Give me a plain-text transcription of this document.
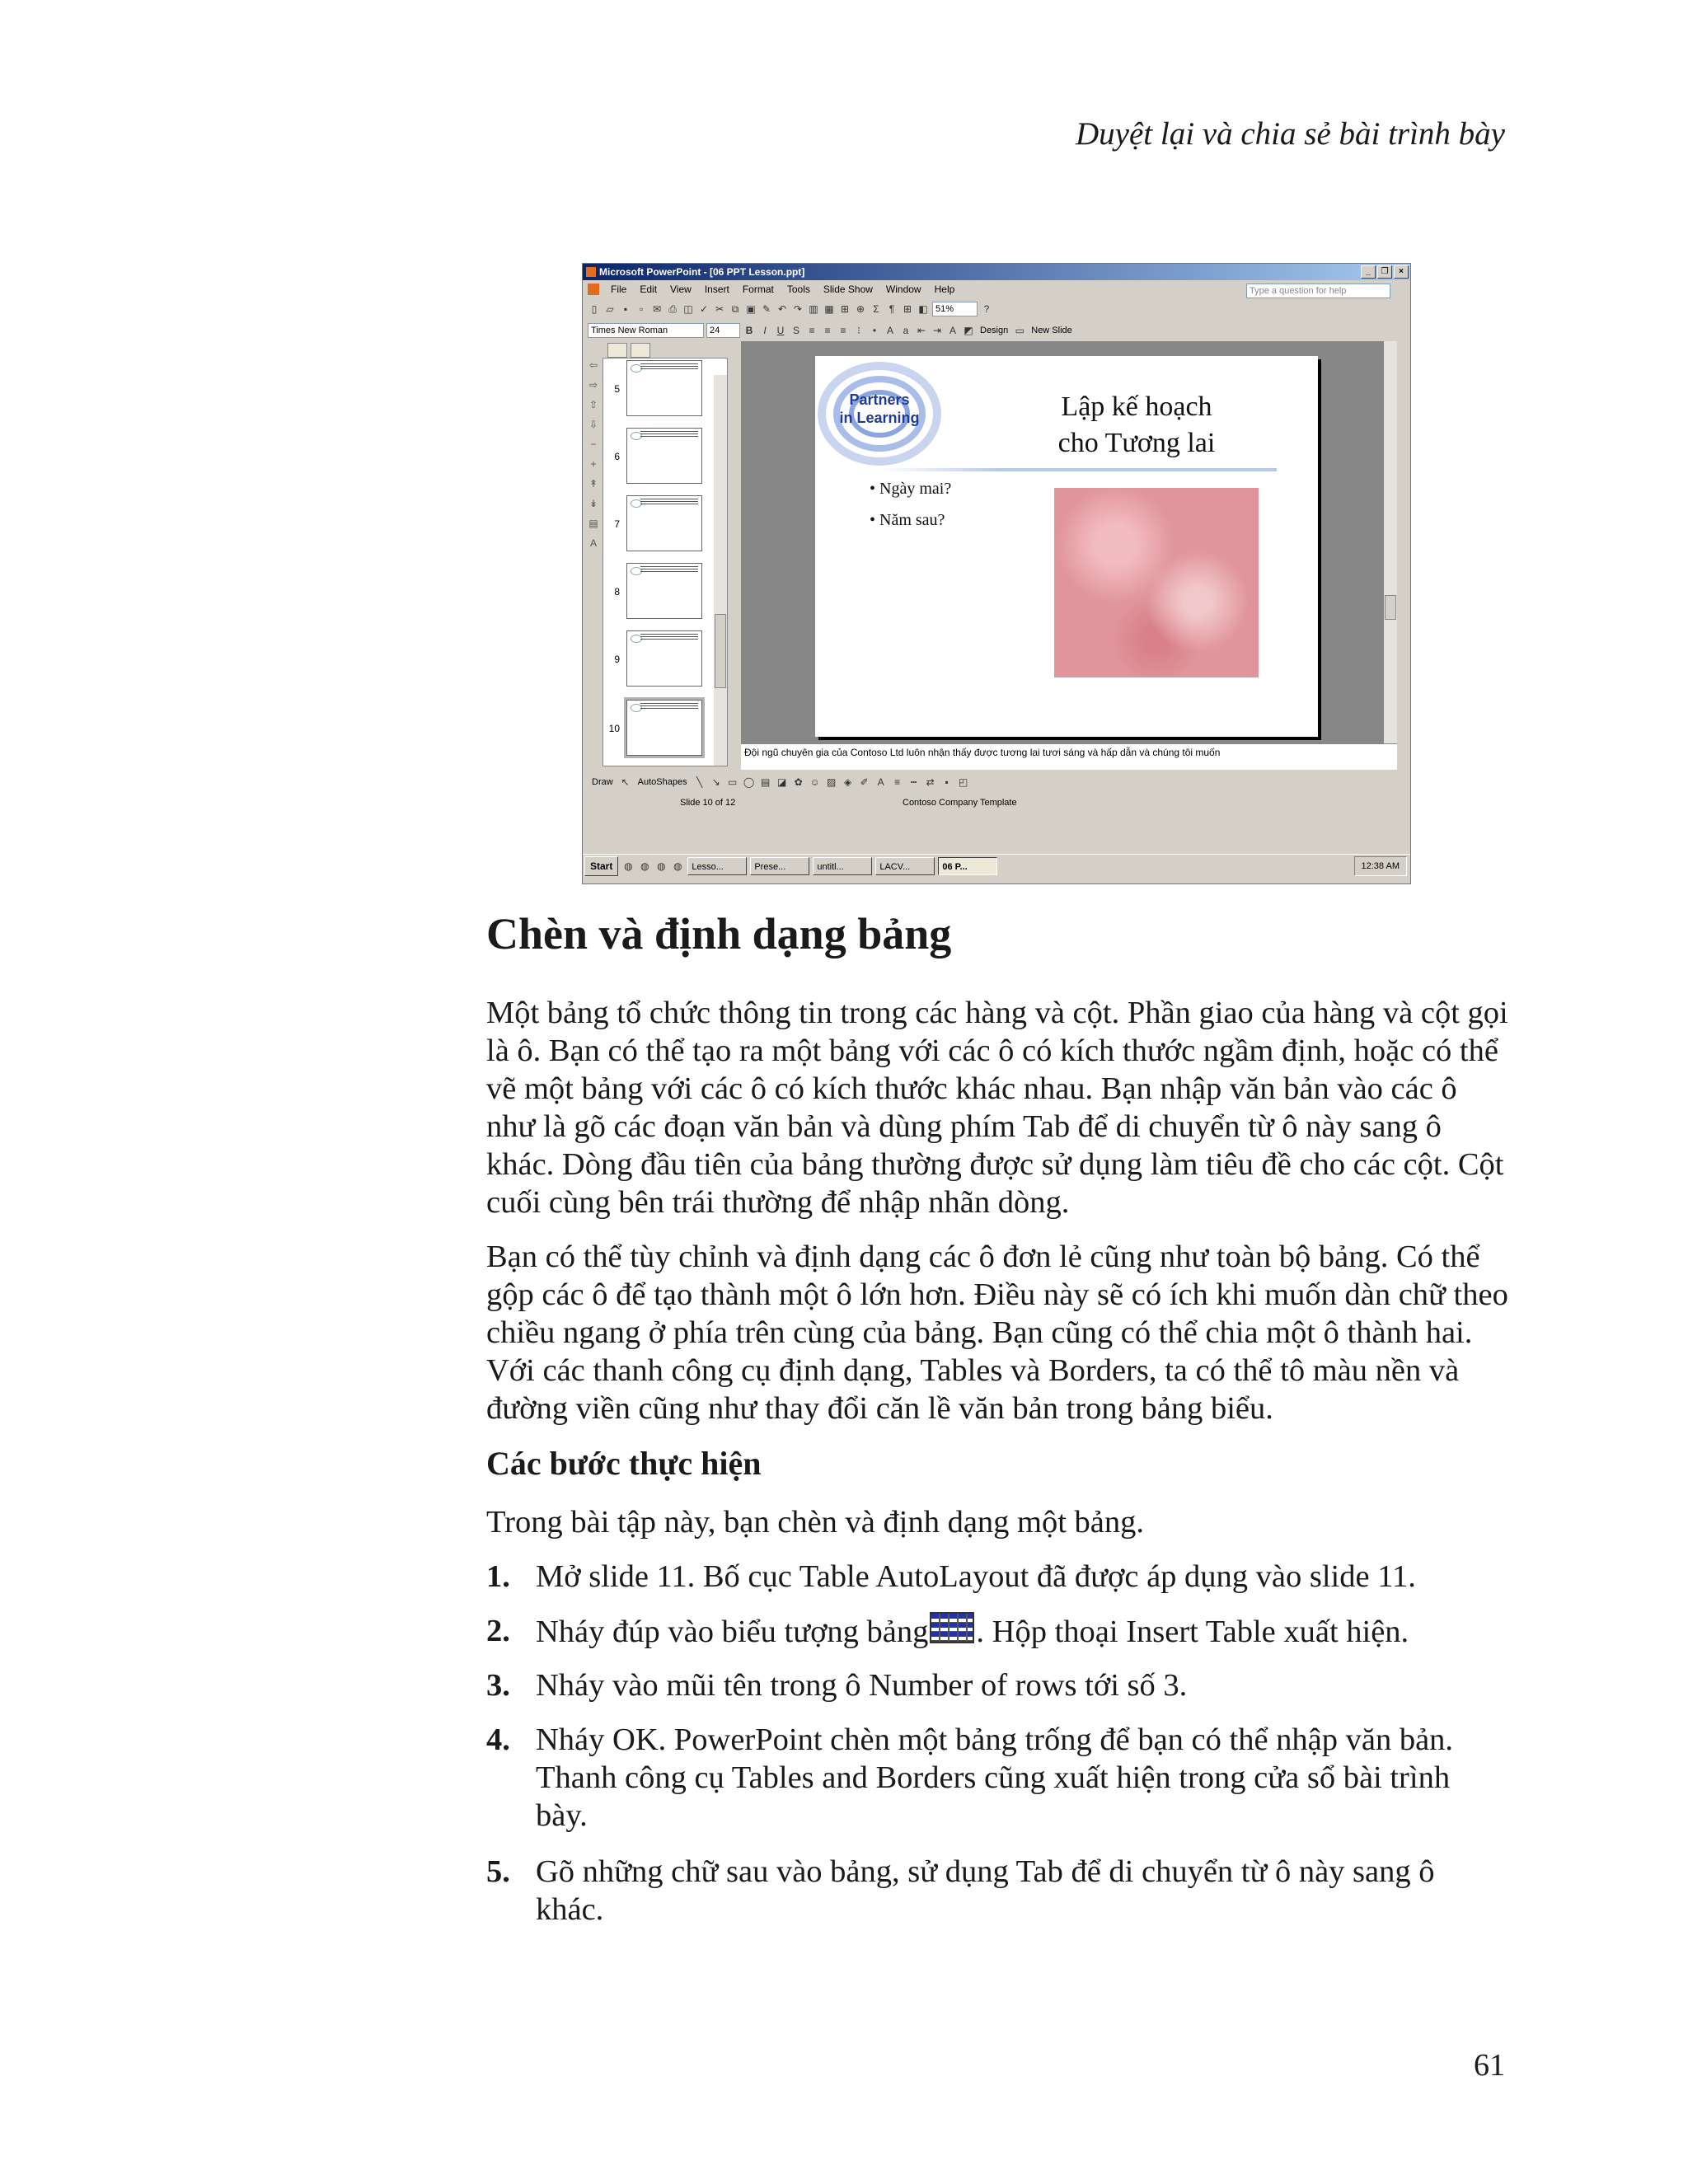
Duyệt lại và chia sẻ bài trình bày
Microsoft PowerPoint - [06 PPT Lesson.ppt]	_	❐	×
File	Edit	View	Insert	Format	Tools	Slide Show	Window	Help	Type a question for help
▯ ▱	▪	▫ ✉ ⎙ ◫ ✓ ✂ ⧉ ▣ ✎ ↶ ↷ ▥ ▦ ⊞ ⊕ Σ	¶ ⊞ ◧ 51%	?
Times New Roman	24	B	I	U S ≡ ≡ ≡	⁝	•	A a ⇤ ⇥ A ◩ Design ▭ New Slide
⇦
⇨
⇧
⇩
−
+
↟
↡
▤
A
5
6
7
8
9
10
Partners
in Learning	Lập kế hoạch
cho Tương lai
• Ngày mai?
• Năm sau?
Đội ngũ chuyên gia của Contoso Ltd luôn nhận thấy được tương lai tươi sáng và hấp dẫn và chúng tôi muốn
Draw ↖ AutoShapes ╲ ↘ ▭ ◯ ▤ ◪ ✿ ☺ ▨ ◈ ✐ A	≡	┅ ⇄	▪	◰
Slide 10 of 12	Contoso Company Template
Start	◍ ◍ ◍ ◍	Lesso...	Prese...	untitl...	LACV...	06 P...	12:38 AM
Chèn và định dạng bảng
Một bảng tổ chức thông tin trong các hàng và cột. Phần giao của hàng và cột gọi là ô. Bạn có thể tạo ra một bảng với các ô có kích thước ngầm định, hoặc có thể vẽ một bảng với các ô có kích thước khác nhau. Bạn nhập văn bản vào các ô như là gõ các đoạn văn bản và dùng phím Tab để di chuyển từ ô này sang ô khác. Dòng đầu tiên của bảng thường được sử dụng làm tiêu đề cho các cột. Cột cuối cùng bên trái thường để nhập nhãn dòng.
Bạn có thể tùy chỉnh và định dạng các ô đơn lẻ cũng như toàn bộ bảng. Có thể gộp các ô để tạo thành một ô lớn hơn. Điều này sẽ có ích khi muốn dàn chữ theo chiều ngang ở phía trên cùng của bảng. Bạn cũng có thể chia một ô thành hai. Với các thanh công cụ định dạng, Tables và Borders, ta có thể tô màu nền và đường viền cũng như thay đổi căn lề văn bản trong bảng biểu.
Các bước thực hiện
Trong bài tập này, bạn chèn và định dạng một bảng.
1. Mở slide 11. Bố cục Table AutoLayout đã được áp dụng vào slide 11.
2. Nháy đúp vào biểu tượng bảng . Hộp thoại Insert Table xuất hiện.
3. Nháy vào mũi tên trong ô Number of rows tới số 3.
4. Nháy OK. PowerPoint chèn một bảng trống để bạn có thể nhập văn bản. Thanh công cụ Tables and Borders cũng xuất hiện trong cửa sổ bài trình bày.
5. Gõ những chữ sau vào bảng, sử dụng Tab để di chuyển từ ô này sang ô khác.
61
